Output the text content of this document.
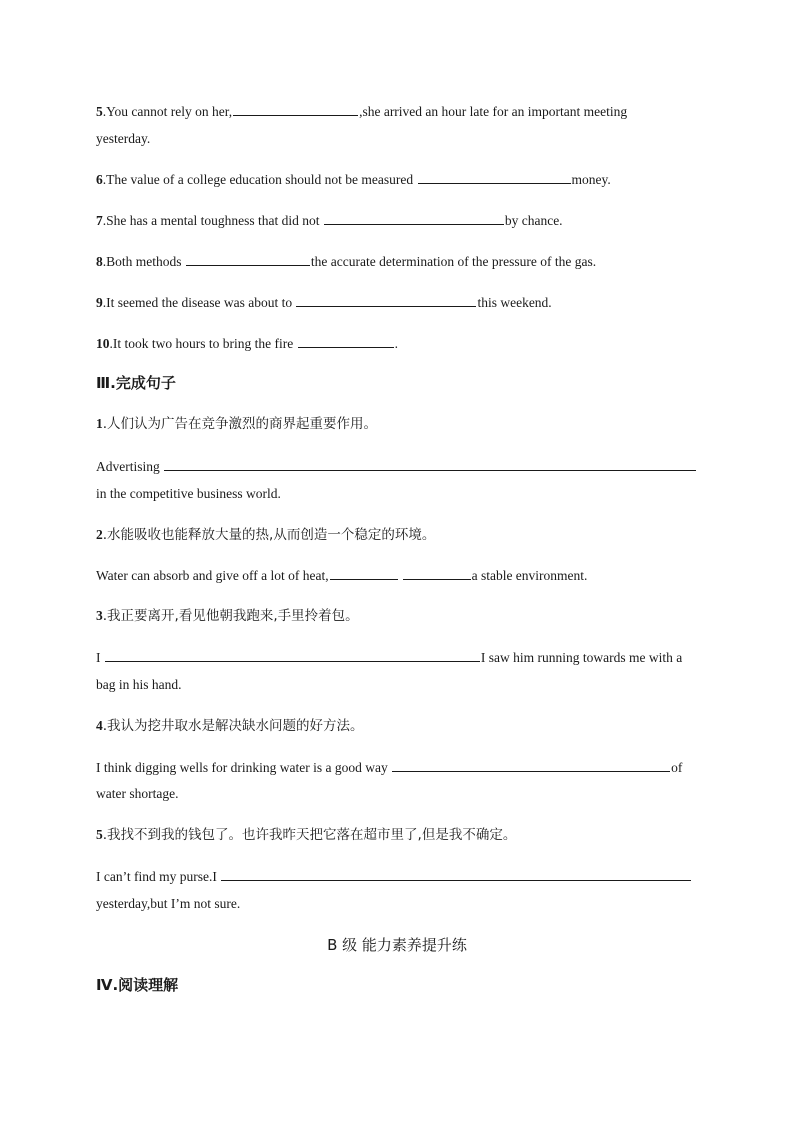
5.You cannot rely on her,	,she arrived an hour late for an important meeting
yesterday.
6.The value of a college education should not be measured	money.
7.She has a mental toughness that did not	by chance.
8.Both methods	the accurate determination of the pressure of the gas.
9.It seemed the disease was about to	this weekend.
10.It took two hours to bring the fire	.
Ⅲ.完成句子
1.人们认为广告在竞争激烈的商界起重要作用。
Advertising
in the competitive business world.
2.水能吸收也能释放大量的热,从而创造一个稳定的环境。
Water can absorb and give off a lot of heat,	a stable environment.
3.我正要离开,看见他朝我跑来,手里拎着包。
I	I saw him running towards me with a
bag in his hand.
4.我认为挖井取水是解决缺水问题的好方法。
I think digging wells for drinking water is a good way	of
water shortage.
5.我找不到我的钱包了。也许我昨天把它落在超市里了,但是我不确定。
I can’t find my purse.I
yesterday,but I’m not sure.
B 级 能力素养提升练
Ⅳ.阅读理解
